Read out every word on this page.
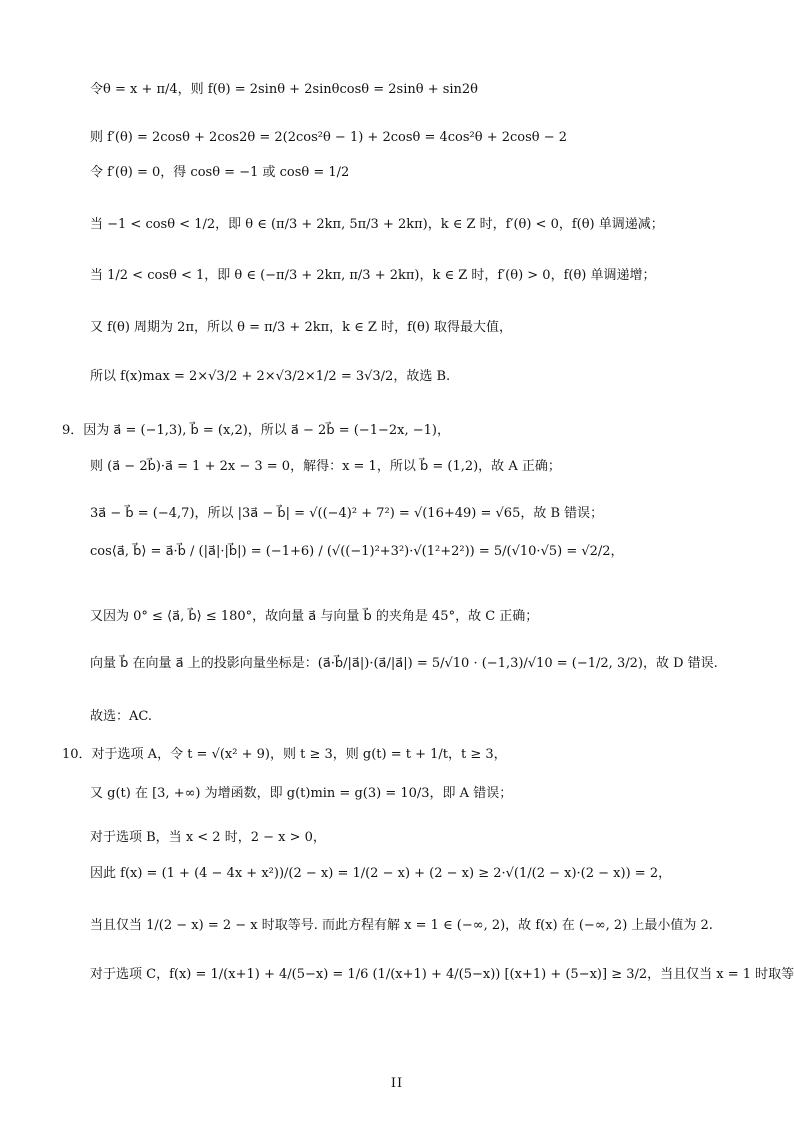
令θ = x + π/4，则 f(θ) = 2sinθ + 2sinθcosθ = 2sinθ + sin2θ
则 f′(θ) = 2cosθ + 2cos2θ = 2(2cos²θ − 1) + 2cosθ = 4cos²θ + 2cosθ − 2
令 f′(θ) = 0，得 cosθ = −1 或 cosθ = 1/2
当 −1 < cosθ < 1/2，即 θ ∈ (π/3 + 2kπ, 5π/3 + 2kπ)，k ∈ Z 时，f′(θ) < 0，f(θ) 单调递减；
当 1/2 < cosθ < 1，即 θ ∈ (−π/3 + 2kπ, π/3 + 2kπ)，k ∈ Z 时，f′(θ) > 0，f(θ) 单调递增；
又 f(θ) 周期为 2π，所以 θ = π/3 + 2kπ，k ∈ Z 时，f(θ) 取得最大值，
所以 f(x)max = 2×√3/2 + 2×√3/2×1/2 = 3√3/2，故选 B.
9．因为 a⃗ = (−1,3), b⃗ = (x,2)，所以 a⃗ − 2b⃗ = (−1−2x, −1)，
则 (a⃗ − 2b⃗)·a⃗ = 1 + 2x − 3 = 0，解得：x = 1，所以 b⃗ = (1,2)，故 A 正确；
3a⃗ − b⃗ = (−4,7)，所以 |3a⃗ − b⃗| = √((−4)² + 7²) = √(16+49) = √65，故 B 错误；
cos⟨a⃗, b⃗⟩ = a⃗·b⃗ / (|a⃗|·|b⃗|) = (−1+6) / (√((−1)²+3²)·√(1²+2²)) = 5/(√10·√5) = √2/2，
又因为 0° ≤ ⟨a⃗, b⃗⟩ ≤ 180°，故向量 a⃗ 与向量 b⃗ 的夹角是 45°，故 C 正确；
向量 b⃗ 在向量 a⃗ 上的投影向量坐标是：(a⃗·b⃗/|a⃗|)·(a⃗/|a⃗|) = 5/√10 · (−1,3)/√10 = (−1/2, 3/2)，故 D 错误.
故选：AC.
10．对于选项 A，令 t = √(x² + 9)，则 t ≥ 3，则 g(t) = t + 1/t，t ≥ 3，
又 g(t) 在 [3, +∞) 为增函数，即 g(t)min = g(3) = 10/3，即 A 错误；
对于选项 B，当 x < 2 时，2 − x > 0，
因此 f(x) = (1 + (4 − 4x + x²))/(2 − x) = 1/(2 − x) + (2 − x) ≥ 2·√(1/(2 − x)·(2 − x)) = 2，
当且仅当 1/(2 − x) = 2 − x 时取等号. 而此方程有解 x = 1 ∈ (−∞, 2)，故 f(x) 在 (−∞, 2) 上最小值为 2.
对于选项 C，f(x) = 1/(x+1) + 4/(5−x) = 1/6 (1/(x+1) + 4/(5−x)) [(x+1) + (5−x)] ≥ 3/2，当且仅当 x = 1 时取等
II
